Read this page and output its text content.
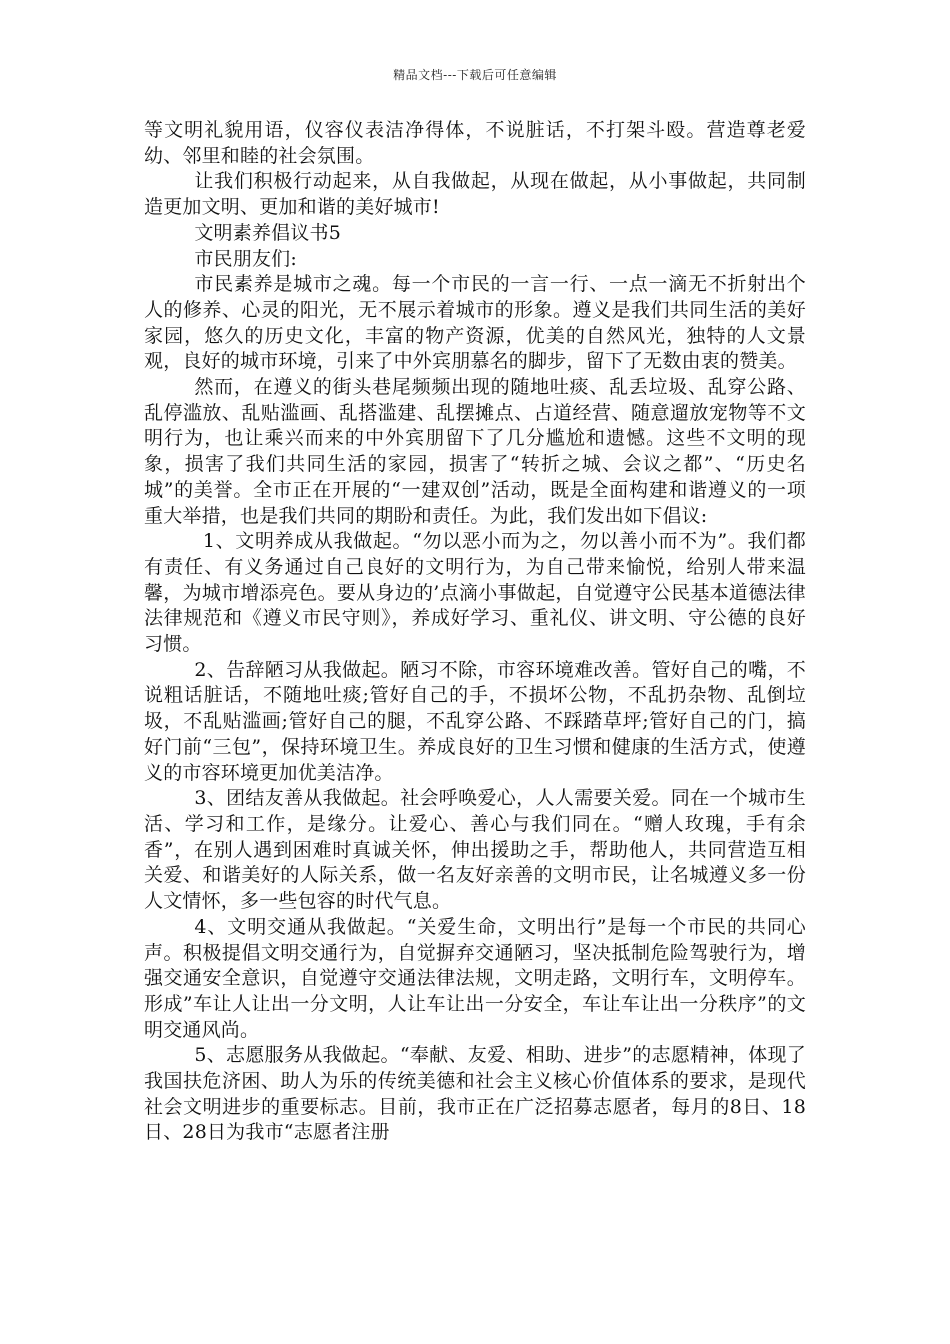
精品文档---下载后可任意编辑

等文明礼貌用语，仪容仪表洁净得体，不说脏话，不打架斗殴。营造尊老爱幼、邻里和睦的社会氛围。

让我们积极行动起来，从自我做起，从现在做起，从小事做起，共同制造更加文明、更加和谐的美好城市!

文明素养倡议书5

市民朋友们:

市民素养是城市之魂。每一个市民的一言一行、一点一滴无不折射出个人的修养、心灵的阳光，无不展示着城市的形象。遵义是我们共同生活的美好家园，悠久的历史文化，丰富的物产资源，优美的自然风光，独特的人文景观，良好的城市环境，引来了中外宾朋慕名的脚步，留下了无数由衷的赞美。

然而，在遵义的街头巷尾频频出现的随地吐痰、乱丢垃圾、乱穿公路、乱停滥放、乱贴滥画、乱搭滥建、乱摆摊点、占道经营、随意遛放宠物等不文明行为，也让乘兴而来的中外宾朋留下了几分尴尬和遗憾。这些不文明的现象，损害了我们共同生活的家园，损害了“转折之城、会议之都”、“历史名城”的美誉。全市正在开展的“一建双创”活动，既是全面构建和谐遵义的一项重大举措，也是我们共同的期盼和责任。为此，我们发出如下倡议:

1、文明养成从我做起。“勿以恶小而为之，勿以善小而不为”。我们都有责任、有义务通过自己良好的文明行为，为自己带来愉悦，给别人带来温馨，为城市增添亮色。要从身边的’点滴小事做起，自觉遵守公民基本道德法律法律规范和《遵义市民守则》，养成好学习、重礼仪、讲文明、守公德的良好习惯。

2、告辞陋习从我做起。陋习不除，市容环境难改善。管好自己的嘴，不说粗话脏话，不随地吐痰;管好自己的手，不损坏公物，不乱扔杂物、乱倒垃圾，不乱贴滥画;管好自己的腿，不乱穿公路、不踩踏草坪;管好自己的门，搞好门前“三包”，保持环境卫生。养成良好的卫生习惯和健康的生活方式，使遵义的市容环境更加优美洁净。

3、团结友善从我做起。社会呼唤爱心，人人需要关爱。同在一个城市生活、学习和工作，是缘分。让爱心、善心与我们同在。“赠人玫瑰，手有余香”，在别人遇到困难时真诚关怀，伸出援助之手，帮助他人，共同营造互相关爱、和谐美好的人际关系，做一名友好亲善的文明市民，让名城遵义多一份人文情怀，多一些包容的时代气息。

4、文明交通从我做起。“关爱生命，文明出行”是每一个市民的共同心声。积极提倡文明交通行为，自觉摒弃交通陋习，坚决抵制危险驾驶行为，增强交通安全意识，自觉遵守交通法律法规，文明走路，文明行车，文明停车。形成”车让人让出一分文明，人让车让出一分安全，车让车让出一分秩序”的文明交通风尚。

5、志愿服务从我做起。“奉献、友爱、相助、进步”的志愿精神，体现了我国扶危济困、助人为乐的传统美德和社会主义核心价值体系的要求，是现代社会文明进步的重要标志。目前，我市正在广泛招募志愿者，每月的8日、18日、28日为我市“志愿者注册
